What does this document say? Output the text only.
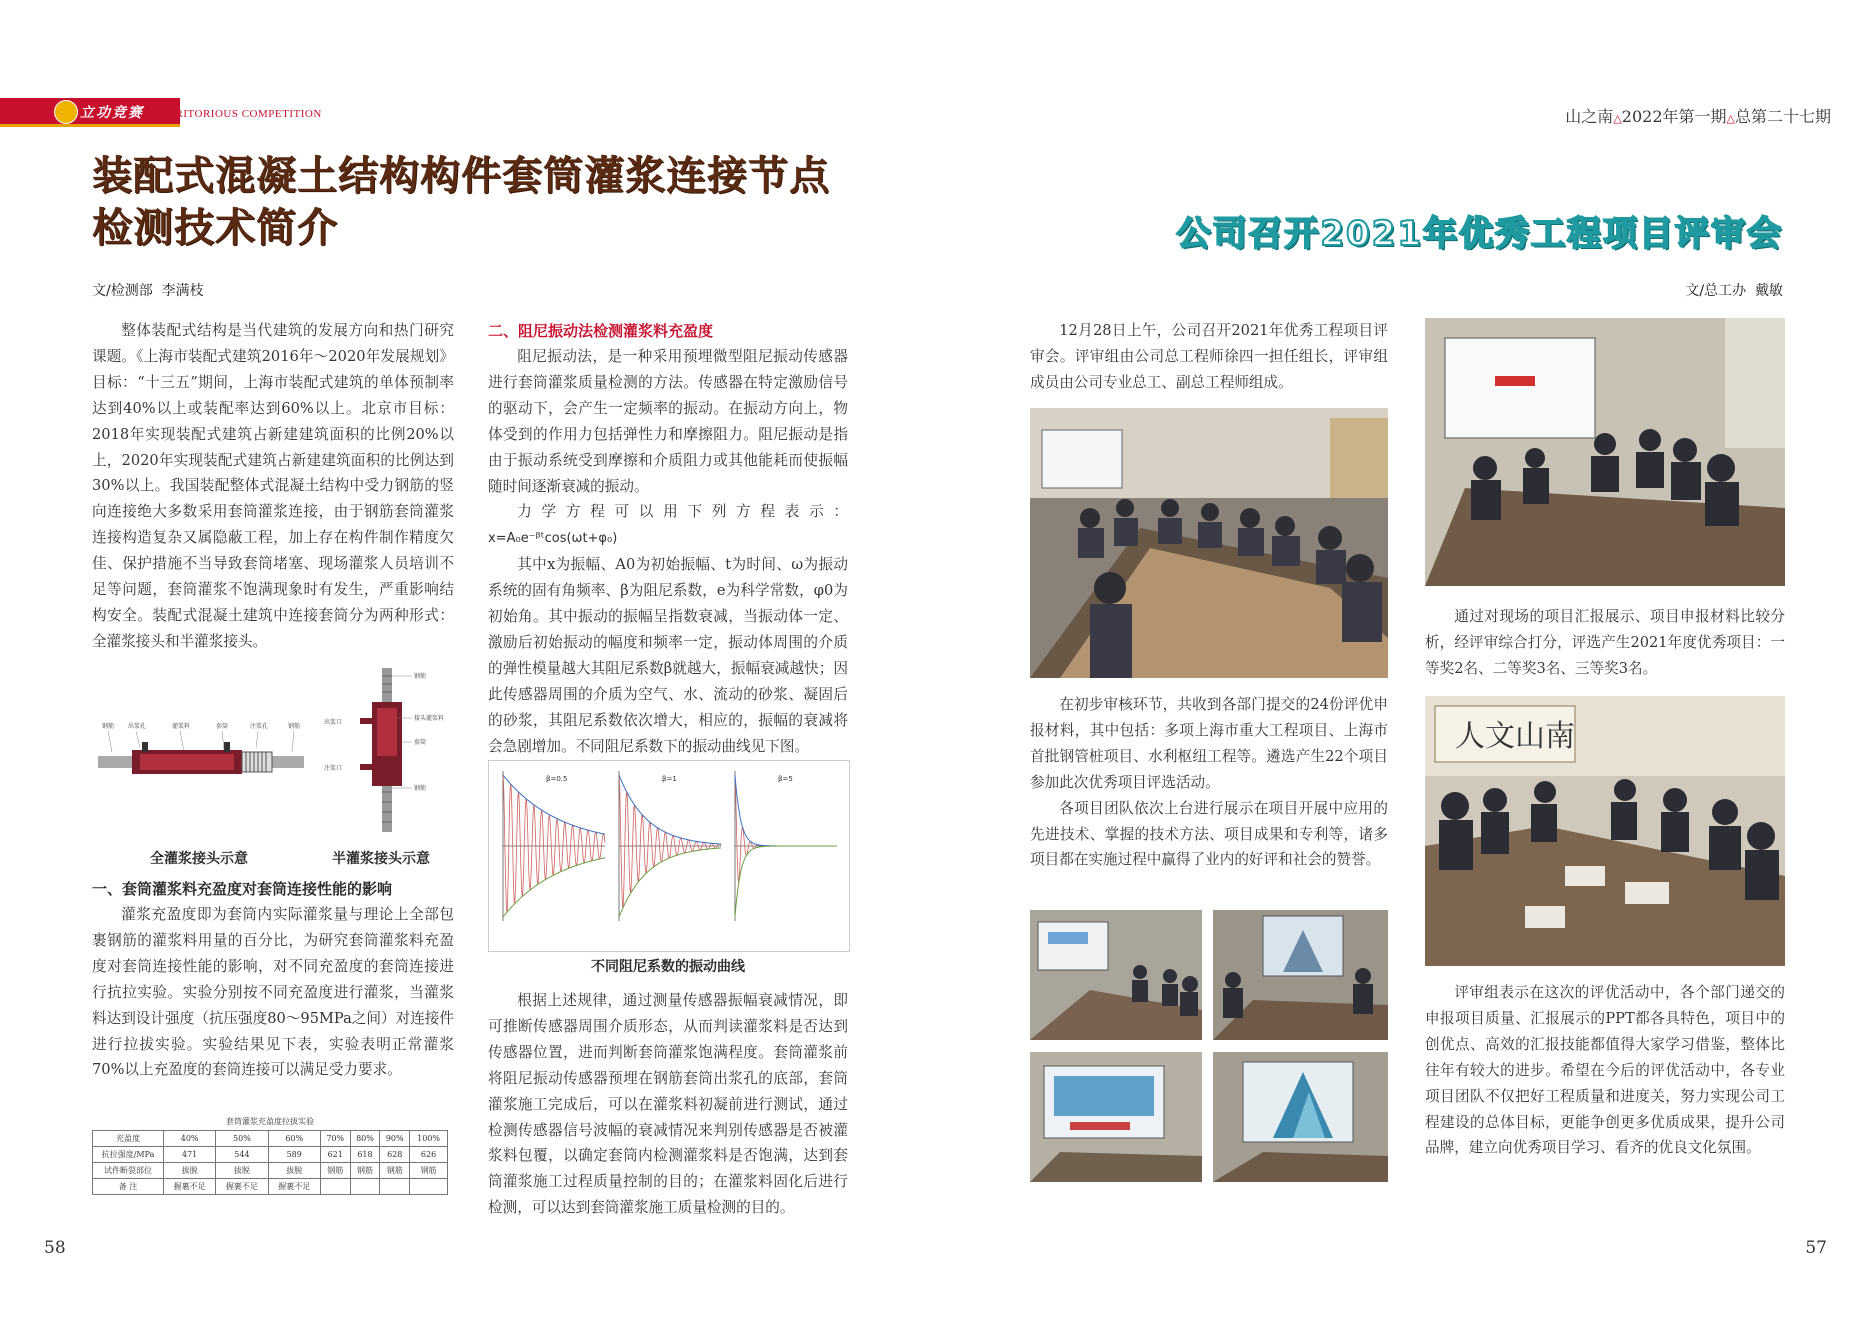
立功竞赛 MERITORIOUS COMPETITION	山之南△2022年第一期△总第二十七期
装配式混凝土结构构件套筒灌浆连接节点
检测技术简介
文/检测部  李满枝

整体装配式结构是当代建筑的发展方向和热门研究课题。《上海市装配式建筑2016年～2020年发展规划》目标：“十三五”期间，上海市装配式建筑的单体预制率达到40%以上或装配率达到60%以上。北京市目标：2018年实现装配式建筑占新建建筑面积的比例20%以上，2020年实现装配式建筑占新建建筑面积的比例达到30%以上。我国装配整体式混凝土结构中受力钢筋的竖向连接绝大多数采用套筒灌浆连接，由于钢筋套筒灌浆连接构造复杂又属隐蔽工程，加上存在构件制作精度欠佳、保护措施不当导致套筒堵塞、现场灌浆人员培训不足等问题，套筒灌浆不饱满现象时有发生，严重影响结构安全。装配式混凝土建筑中连接套筒分为两种形式：全灌浆接头和半灌浆接头。

钢筋 出浆孔	灌浆料	套筒	注浆孔	钢筋
钢筋
出浆口
接头灌浆料
套筒
注浆口
钢筋
全灌浆接头示意	半灌浆接头示意

一、套筒灌浆料充盈度对套筒连接性能的影响

灌浆充盈度即为套筒内实际灌浆量与理论上全部包裹钢筋的灌浆料用量的百分比，为研究套筒灌浆料充盈度对套筒连接性能的影响，对不同充盈度的套筒连接进行抗拉实验。实验分别按不同充盈度进行灌浆，当灌浆料达到设计强度（抗压强度80～95MPa之间）对连接件进行拉拔实验。实验结果见下表，实验表明正常灌浆70%以上充盈度的套筒连接可以满足受力要求。

套筒灌浆充盈度拉拔实验
充盈度	40%	50%	60%	70%	80%	90%	100%
抗拉强度/MPa	471	544	589	621	618	628	626
试件断裂部位	拔脱	拔脱	拔脱	钢筋	钢筋	钢筋	钢筋
备 注	握裹不足	握裹不足	握裹不足				

二、阻尼振动法检测灌浆料充盈度

阻尼振动法，是一种采用预埋微型阻尼振动传感器进行套筒灌浆质量检测的方法。传感器在特定激励信号的驱动下，会产生一定频率的振动。在振动方向上，物体受到的作用力包括弹性力和摩擦阻力。阻尼振动是指由于振动系统受到摩擦和介质阻力或其他能耗而使振幅随时间逐渐衰减的振动。

力学方程可以用下列方程表示：x=A₀e⁻ᵝᵗcos(ωt+φ₀)

其中x为振幅、A0为初始振幅、t为时间、ω为振动系统的固有角频率、β为阻尼系数，e为科学常数，φ0为初始角。其中振动的振幅呈指数衰减，当振动体一定、激励后初始振动的幅度和频率一定，振动体周围的介质的弹性模量越大其阻尼系数β就越大，振幅衰减越快；因此传感器周围的介质为空气、水、流动的砂浆、凝固后的砂浆，其阻尼系数依次增大，相应的，振幅的衰减将会急剧增加。不同阻尼系数下的振动曲线见下图。

β=0.5	β=1	β=5
不同阻尼系数的振动曲线

根据上述规律，通过测量传感器振幅衰减情况，即可推断传感器周围介质形态，从而判读灌浆料是否达到传感器位置，进而判断套筒灌浆饱满程度。套筒灌浆前将阻尼振动传感器预埋在钢筋套筒出浆孔的底部，套筒灌浆施工完成后，可以在灌浆料初凝前进行测试，通过检测传感器信号波幅的衰减情况来判别传感器是否被灌浆料包覆，以确定套筒内检测灌浆料是否饱满，达到套筒灌浆施工过程质量控制的目的；在灌浆料固化后进行检测，可以达到套筒灌浆施工质量检测的目的。

58
公司召开2021年优秀工程项目评审会
文/总工办  戴敏

12月28日上午，公司召开2021年优秀工程项目评审会。评审组由公司总工程师徐四一担任组长，评审组成员由公司专业总工、副总工程师组成。

在初步审核环节，共收到各部门提交的24份评优申报材料，其中包括：多项上海市重大工程项目、上海市首批钢管桩项目、水利枢纽工程等。遴选产生22个项目参加此次优秀项目评选活动。

各项目团队依次上台进行展示在项目开展中应用的先进技术、掌握的技术方法、项目成果和专利等，诸多项目都在实施过程中赢得了业内的好评和社会的赞誉。

通过对现场的项目汇报展示、项目申报材料比较分析，经评审综合打分，评选产生2021年度优秀项目：一等奖2名、二等奖3名、三等奖3名。

人文山南

评审组表示在这次的评优活动中，各个部门递交的申报项目质量、汇报展示的PPT都各具特色，项目中的创优点、高效的汇报技能都值得大家学习借鉴，整体比往年有较大的进步。希望在今后的评优活动中，各专业项目团队不仅把好工程质量和进度关，努力实现公司工程建设的总体目标，更能争创更多优质成果，提升公司品牌，建立向优秀项目学习、看齐的优良文化氛围。

57
